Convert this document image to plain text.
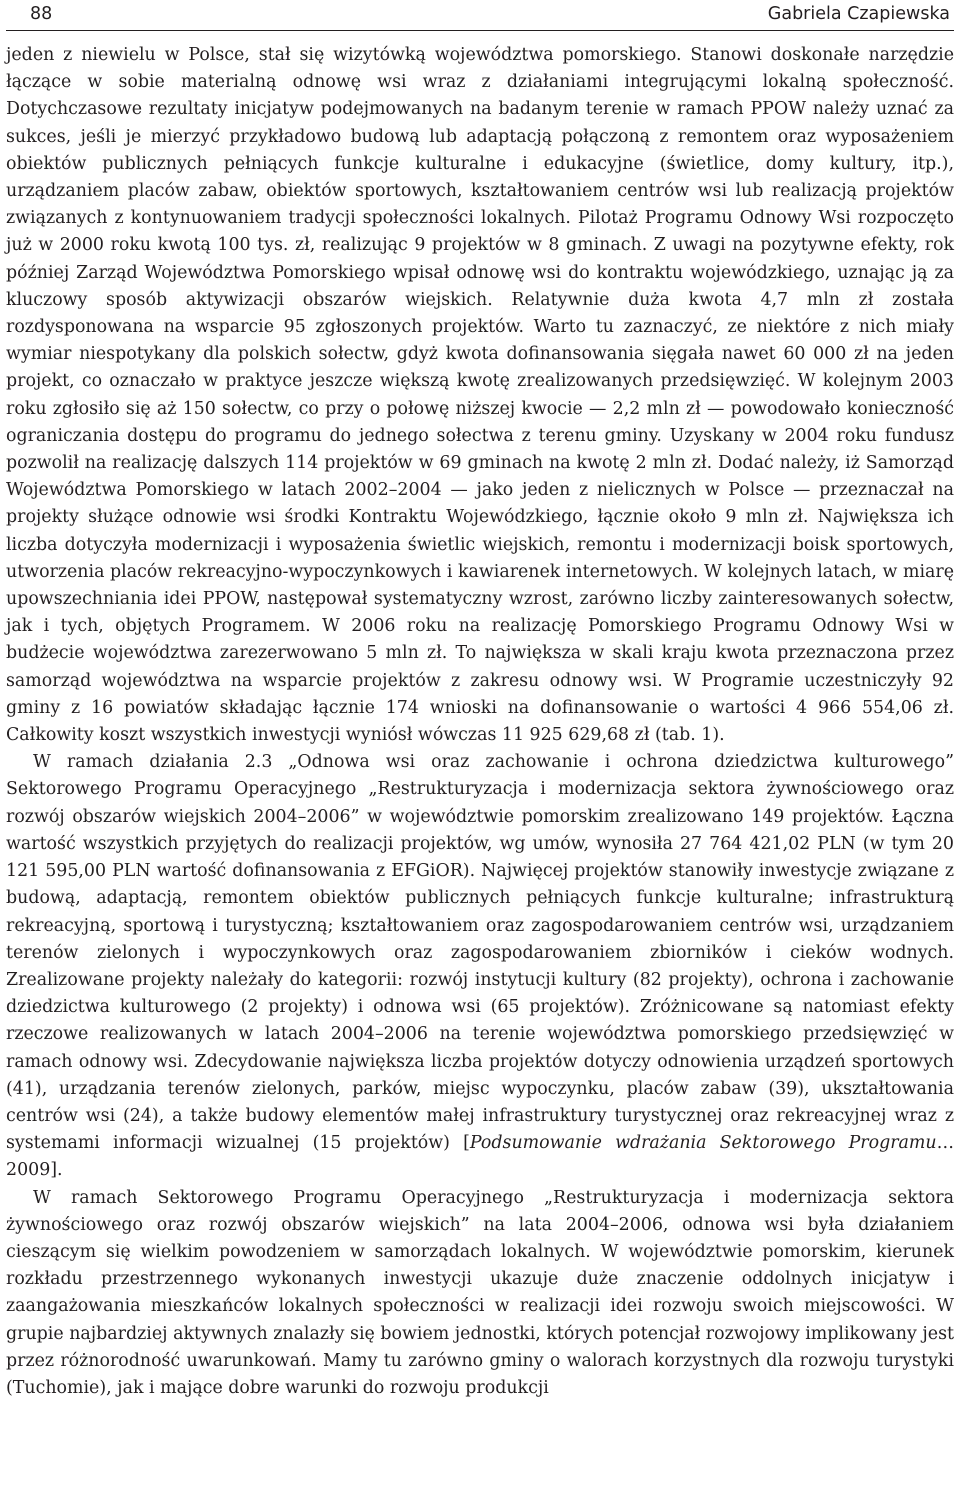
88	Gabriela Czapiewska

jeden z niewielu w Polsce, stał się wizytówką województwa pomorskiego. Stanowi doskonałe narzędzie łączące w sobie materialną odnowę wsi wraz z działaniami integrującymi lokalną społeczność. Dotychczasowe rezultaty inicjatyw podejmowanych na badanym terenie w ramach PPOW należy uznać za sukces, jeśli je mierzyć przykładowo budową lub adaptacją połączoną z remontem oraz wyposażeniem obiektów publicznych pełniących funkcje kulturalne i edukacyjne (świetlice, domy kultury, itp.), urządzaniem placów zabaw, obiektów sportowych, kształtowaniem centrów wsi lub realizacją projektów związanych z kontynuowaniem tradycji społeczności lokalnych. Pilotaż Programu Odnowy Wsi rozpoczęto już w 2000 roku kwotą 100 tys. zł, realizując 9 projektów w 8 gminach. Z uwagi na pozytywne efekty, rok później Zarząd Województwa Pomorskiego wpisał odnowę wsi do kontraktu wojewódzkiego, uznając ją za kluczowy sposób aktywizacji obszarów wiejskich. Relatywnie duża kwota 4,7 mln zł została rozdysponowana na wsparcie 95 zgłoszonych projektów. Warto tu zaznaczyć, ze niektóre z nich miały wymiar niespotykany dla polskich sołectw, gdyż kwota dofinansowania sięgała nawet 60 000 zł na jeden projekt, co oznaczało w praktyce jeszcze większą kwotę zrealizowanych przedsięwzięć. W kolejnym 2003 roku zgłosiło się aż 150 sołectw, co przy o połowę niższej kwocie — 2,2 mln zł — powodowało konieczność ograniczania dostępu do programu do jednego sołectwa z terenu gminy. Uzyskany w 2004 roku fundusz pozwolił na realizację dalszych 114 projektów w 69 gminach na kwotę 2 mln zł. Dodać należy, iż Samorząd Województwa Pomorskiego w latach 2002–2004 — jako jeden z nielicznych w Polsce — przeznaczał na projekty służące odnowie wsi środki Kontraktu Wojewódzkiego, łącznie około 9 mln zł. Największa ich liczba dotyczyła modernizacji i wyposażenia świetlic wiejskich, remontu i modernizacji boisk sportowych, utworzenia placów rekreacyjno-wypoczynkowych i kawiarenek internetowych. W kolejnych latach, w miarę upowszechniania idei PPOW, następował systematyczny wzrost, zarówno liczby zainteresowanych sołectw, jak i tych, objętych Programem. W 2006 roku na realizację Pomorskiego Programu Odnowy Wsi w budżecie województwa zarezerwowano 5 mln zł. To największa w skali kraju kwota przeznaczona przez samorząd województwa na wsparcie projektów z zakresu odnowy wsi. W Programie uczestniczyły 92 gminy z 16 powiatów składając łącznie 174 wnioski na dofinansowanie o wartości 4 966 554,06 zł. Całkowity koszt wszystkich inwestycji wyniósł wówczas 11 925 629,68 zł (tab. 1).

W ramach działania 2.3 „Odnowa wsi oraz zachowanie i ochrona dziedzictwa kulturowego” Sektorowego Programu Operacyjnego „Restrukturyzacja i modernizacja sektora żywnościowego oraz rozwój obszarów wiejskich 2004–2006” w województwie pomorskim zrealizowano 149 projektów. Łączna wartość wszystkich przyjętych do realizacji projektów, wg umów, wynosiła 27 764 421,02 PLN (w tym 20 121 595,00 PLN wartość dofinansowania z EFGiOR). Najwięcej projektów stanowiły inwestycje związane z budową, adaptacją, remontem obiektów publicznych pełniących funkcje kulturalne; infrastrukturą rekreacyjną, sportową i turystyczną; kształtowaniem oraz zagospodarowaniem centrów wsi, urządzaniem terenów zielonych i wypoczynkowych oraz zagospodarowaniem zbiorników i cieków wodnych. Zrealizowane projekty należały do kategorii: rozwój instytucji kultury (82 projekty), ochrona i zachowanie dziedzictwa kulturowego (2 projekty) i odnowa wsi (65 projektów). Zróżnicowane są natomiast efekty rzeczowe realizowanych w latach 2004–2006 na terenie województwa pomorskiego przedsięwzięć w ramach odnowy wsi. Zdecydowanie największa liczba projektów dotyczy odnowienia urządzeń sportowych (41), urządzania terenów zielonych, parków, miejsc wypoczynku, placów zabaw (39), ukształtowania centrów wsi (24), a także budowy elementów małej infrastruktury turystycznej oraz rekreacyjnej wraz z systemami informacji wizualnej (15 projektów) [Podsumowanie wdrażania Sektorowego Programu… 2009].

W ramach Sektorowego Programu Operacyjnego „Restrukturyzacja i modernizacja sektora żywnościowego oraz rozwój obszarów wiejskich” na lata 2004–2006, odnowa wsi była działaniem cieszącym się wielkim powodzeniem w samorządach lokalnych. W województwie pomorskim, kierunek rozkładu przestrzennego wykonanych inwestycji ukazuje duże znaczenie oddolnych inicjatyw i zaangażowania mieszkańców lokalnych społeczności w realizacji idei rozwoju swoich miejscowości. W grupie najbardziej aktywnych znalazły się bowiem jednostki, których potencjał rozwojowy implikowany jest przez różnorodność uwarunkowań. Mamy tu zarówno gminy o walorach korzystnych dla rozwoju turystyki (Tuchomie), jak i mające dobre warunki do rozwoju produkcji
